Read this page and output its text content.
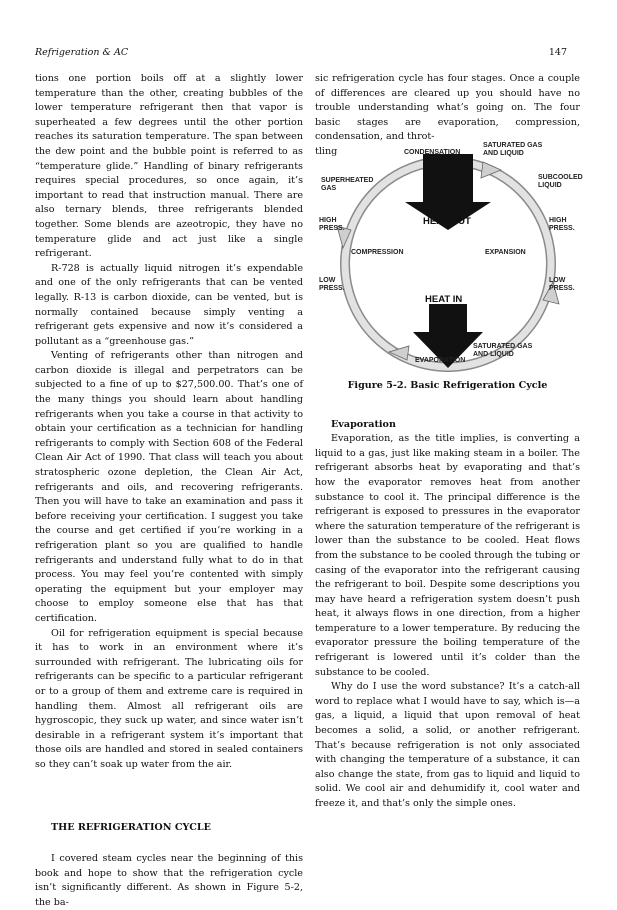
Refrigeration & AC	147

tions one portion boils off at a slightly lower temperature than the other, creating bubbles of the lower temperature refrigerant then that vapor is superheated a few degrees until the other portion reaches its saturation temperature. The span between the dew point and the bubble point is referred to as “temperature glide.” Handling of binary refrigerants requires special procedures, so once again, it’s important to read that instruction manual. There are also ternary blends, three refrigerants blended together. Some blends are azeotropic, they have no temperature glide and act just like a single refrigerant.

R-728 is actually liquid nitrogen it’s expendable and one of the only refrigerants that can be vented legally. R-13 is carbon dioxide, can be vented, but is normally contained because simply venting a refrigerant gets expensive and now it’s considered a pollutant as a “greenhouse gas.”

Venting of refrigerants other than nitrogen and carbon dioxide is illegal and perpetrators can be subjected to a fine of up to $27,500.00. That’s one of the many things you should learn about handling refrigerants when you take a course in that activity to obtain your certification as a technician for handling refrigerants to comply with Section 608 of the Federal Clean Air Act of 1990. That class will teach you about stratospheric ozone depletion, the Clean Air Act, refrigerants and oils, and recovering refrigerants. Then you will have to take an examination and pass it before receiving your certification. I suggest you take the course and get certified if you’re working in a refrigeration plant so you are qualified to handle refrigerants and understand fully what to do in that process. You may feel you’re contented with simply operating the equipment but your employer may choose to employ someone else that has that certification.

Oil for refrigeration equipment is special because it has to work in an environment where it’s surrounded with refrigerant. The lubricating oils for refrigerants can be specific to a particular refrigerant or to a group of them and extreme care is required in handling them. Almost all refrigerant oils are hygroscopic, they suck up water, and since water isn’t desirable in a refrigerant system it’s important that those oils are handled and stored in sealed containers so they can’t soak up water from the air.

THE REFRIGERATION CYCLE

I covered steam cycles near the beginning of this book and hope to show that the refrigeration cycle isn’t significantly different. As shown in Figure 5-2, the ba-

sic refrigeration cycle has four stages. Once a couple of differences are cleared up you should have no trouble understanding what’s going on. The four basic stages are evaporation, compression, condensation, and throt-
tling

Evaporation

Evaporation, as the title implies, is converting a liquid to a gas, just like making steam in a boiler. The refrigerant absorbs heat by evaporating and that’s how the evaporator removes heat from another substance to cool it. The principal difference is the refrigerant is exposed to pressures in the evaporator where the saturation temperature of the refrigerant is lower than the substance to be cooled. Heat flows from the substance to be cooled through the tubing or casing of the evaporator into the refrigerant causing the refrigerant to boil. Despite some descriptions you may have heard a refrigeration system doesn’t push heat, it always flows in one direction, from a higher temperature to a lower temperature. By reducing the evaporator pressure the boiling temperature of the refrigerant is lowered until it’s colder than the substance to be cooled.

Why do I use the word substance? It’s a catch-all word to replace what I would have to say, which is—a gas, a liquid, a liquid that upon removal of heat becomes a solid, a solid, or another refrigerant. That’s because refrigeration is not only associated with changing the temperature of a substance, it can also change the state, from gas to liquid and liquid to solid. We cool air and dehumidify it, cool water and freeze it, and that’s only the simple ones.

CONDENSATION
SATURATED GAS
AND LIQUID
SUPERHEATED
GAS
SUBCOOLED
LIQUID
HEAT OUT
HIGH
PRESS.
HIGH
PRESS.
COMPRESSION	EXPANSION
LOW
PRESS.
LOW
PRESS.
HEAT IN
EVAPORATION
SATURATED GAS
AND LIQUID
Figure 5-2. Basic Refrigeration Cycle
